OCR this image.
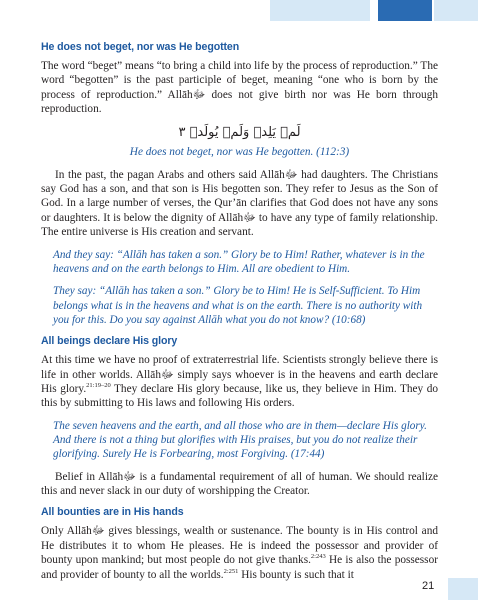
He does not beget, nor was He begotten

The word “beget” means “to bring a child into life by the process of reproduction.” The word “begotten” is the past participle of beget, meaning “one who is born by the process of reproduction.” Allāhﷻ does not give birth nor was He born through reproduction.

لَمۡ يَلِدۡ وَلَمۡ يُولَدۡ ٣
He does not beget, nor was He begotten. (112:3)

In the past, the pagan Arabs and others said Allāhﷻ had daughters. The Christians say God has a son, and that son is His begotten son. They refer to Jesus as the Son of God. In a large number of verses, the Qur’ān clarifies that God does not have any sons or daughters. It is below the dignity of Allāhﷻ to have any type of family relationship. The entire universe is His creation and servant.

And they say: “Allāh has taken a son.” Glory be to Him! Rather, whatever is in the heavens and on the earth belongs to Him. All are obedient to Him.

They say: “Allāh has taken a son.” Glory be to Him! He is Self-Sufficient. To Him belongs what is in the heavens and what is on the earth. There is no authority with you for this. Do you say against Allāh what you do not know? (10:68)

All beings declare His glory

At this time we have no proof of extraterrestrial life. Scientists strongly believe there is life in other worlds. Allāhﷻ simply says whoever is in the heavens and earth declare His glory.$^{21:19-20}$ They declare His glory because, like us, they believe in Him. They do this by submitting to His laws and following His orders.

The seven heavens and the earth, and all those who are in them—declare His glory. And there is not a thing but glorifies with His praises, but you do not realize their glorifying. Surely He is Forbearing, most Forgiving. (17:44)

Belief in Allāhﷻ is a fundamental requirement of all of human. We should realize this and never slack in our duty of worshipping the Creator.

All bounties are in His hands

Only Allāhﷻ gives blessings, wealth or sustenance. The bounty is in His control and He distributes it to whom He pleases. He is indeed the possessor and provider of bounty upon mankind; but most people do not give thanks.$^{2:243}$ He is also the possessor and provider of bounty to all the worlds.$^{2:251}$ His bounty is such that it

21
